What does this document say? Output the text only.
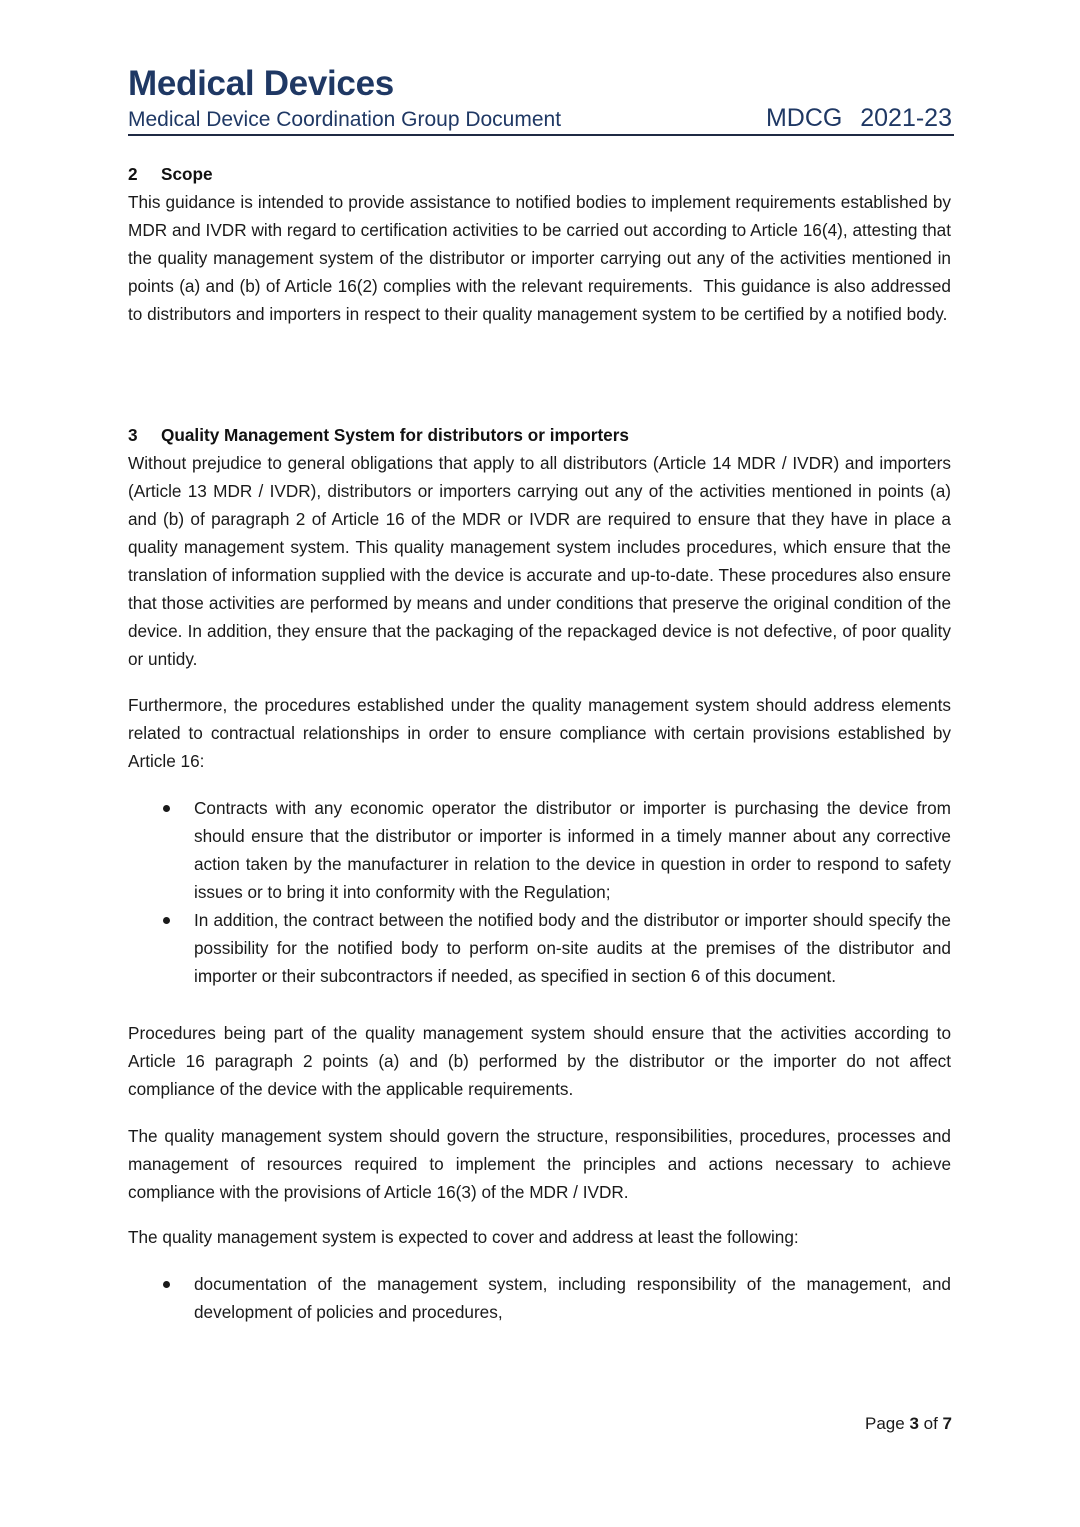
Medical Devices
Medical Device Coordination Group Document	MDCG  2021-23
2 Scope

This guidance is intended to provide assistance to notified bodies to implement requirements established by MDR and IVDR with regard to certification activities to be carried out according to Article 16(4), attesting that the quality management system of the distributor or importer carrying out any of the activities mentioned in points (a) and (b) of Article 16(2) complies with the relevant requirements.  This guidance is also addressed to distributors and importers in respect to their quality management system to be certified by a notified body.

3 Quality Management System for distributors or importers

Without prejudice to general obligations that apply to all distributors (Article 14 MDR / IVDR) and importers (Article 13 MDR / IVDR), distributors or importers carrying out any of the activities mentioned in points (a) and (b) of paragraph 2 of Article 16 of the MDR or IVDR are required to ensure that they have in place a quality management system. This quality management system includes procedures, which ensure that the translation of information supplied with the device is accurate and up-to-date. These procedures also ensure that those activities are performed by means and under conditions that preserve the original condition of the device. In addition, they ensure that the packaging of the repackaged device is not defective, of poor quality or untidy.

Furthermore, the procedures established under the quality management system should address elements related to contractual relationships in order to ensure compliance with certain provisions established by Article 16:

Contracts with any economic operator the distributor or importer is purchasing the device from should ensure that the distributor or importer is informed in a timely manner about any corrective action taken by the manufacturer in relation to the device in question in order to respond to safety issues or to bring it into conformity with the Regulation;
In addition, the contract between the notified body and the distributor or importer should specify the possibility for the notified body to perform on-site audits at the premises of the distributor and importer or their subcontractors if needed, as specified in section 6 of this document.

Procedures being part of the quality management system should ensure that the activities according to Article 16 paragraph 2 points (a) and (b) performed by the distributor or the importer do not affect compliance of the device with the applicable requirements.

The quality management system should govern the structure, responsibilities, procedures, processes and management of resources required to implement the principles and actions necessary to achieve compliance with the provisions of Article 16(3) of the MDR / IVDR.

The quality management system is expected to cover and address at least the following:

documentation of the management system, including responsibility of the management, and development of policies and procedures,
Page 3 of 7
